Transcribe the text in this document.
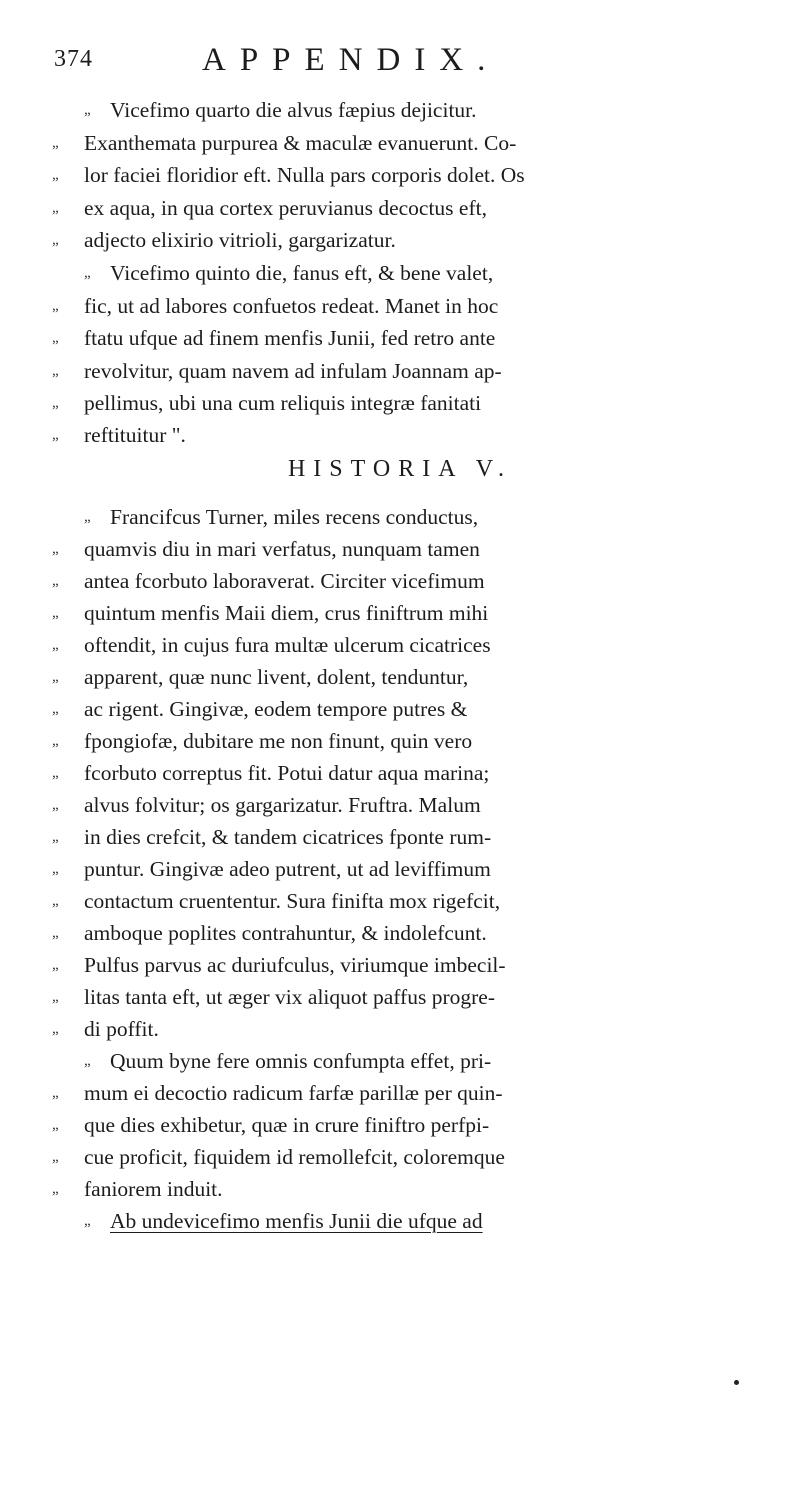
374	APPENDIX.
„ Vicefimo quarto die alvus fæpius dejicitur.
„	Exanthemata purpurea & maculæ evanuerunt. Co-
„	lor faciei floridior eft. Nulla pars corporis dolet. Os
„	ex aqua, in qua cortex peruvianus decoctus eft,
„	adjecto elixirio vitrioli, gargarizatur.
„ Vicefimo quinto die, fanus eft, & bene valet,
„	fic, ut ad labores confuetos redeat. Manet in hoc
„	ftatu ufque ad finem menfis Junii, fed retro ante
„	revolvitur, quam navem ad infulam Joannam ap-
„	pellimus, ubi una cum reliquis integræ fanitati
„	reftituitur ".
HISTORIA V.
„ Francifcus Turner, miles recens conductus,
„	quamvis diu in mari verfatus, nunquam tamen
„	antea fcorbuto laboraverat. Circiter vicefimum
„	quintum menfis Maii diem, crus finiftrum mihi
„	oftendit, in cujus fura multæ ulcerum cicatrices
„	apparent, quæ nunc livent, dolent, tenduntur,
„	ac rigent. Gingivæ, eodem tempore putres &
„	fpongiofæ, dubitare me non finunt, quin vero
„	fcorbuto correptus fit. Potui datur aqua marina;
„	alvus folvitur; os gargarizatur. Fruftra. Malum
„	in dies crefcit, & tandem cicatrices fponte rum-
„	puntur. Gingivæ adeo putrent, ut ad leviffimum
„	contactum cruententur. Sura finifta mox rigefcit,
„	amboque poplites contrahuntur, & indolefcunt.
„	Pulfus parvus ac duriufculus, viriumque imbecil-
„	litas tanta eft, ut æger vix aliquot paffus progre-
„	di poffit.
„ Quum byne fere omnis confumpta effet, pri-
„	mum ei decoctio radicum farfæ parillæ per quin-
„	que dies exhibetur, quæ in crure finiftro perfpi-
„	cue proficit, fiquidem id remollefcit, coloremque
„	faniorem induit.
„ Ab undevicefimo menfis Junii die ufque ad
